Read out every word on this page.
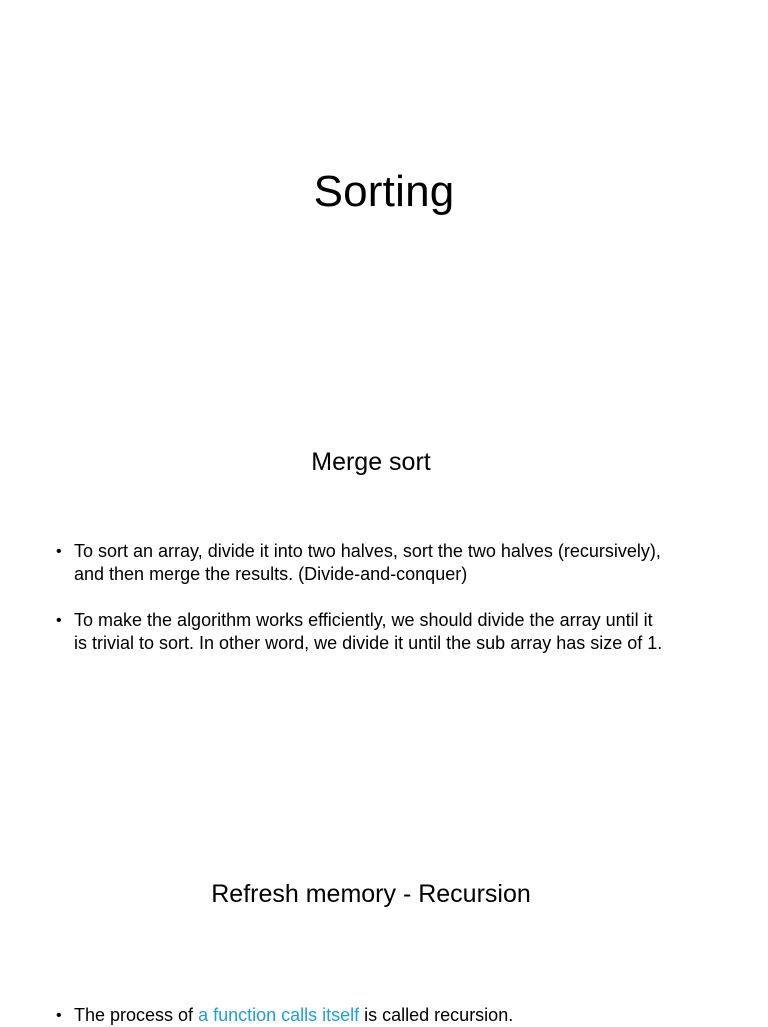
Sorting
Merge sort
• To sort an array, divide it into two halves, sort the two halves (recursively),
and then merge the results. (Divide-and-conquer)
• To make the algorithm works efficiently, we should divide the array until it
is trivial to sort. In other word, we divide it until the sub array has size of 1.
Refresh memory - Recursion
• The process of a function calls itself is called recursion.
